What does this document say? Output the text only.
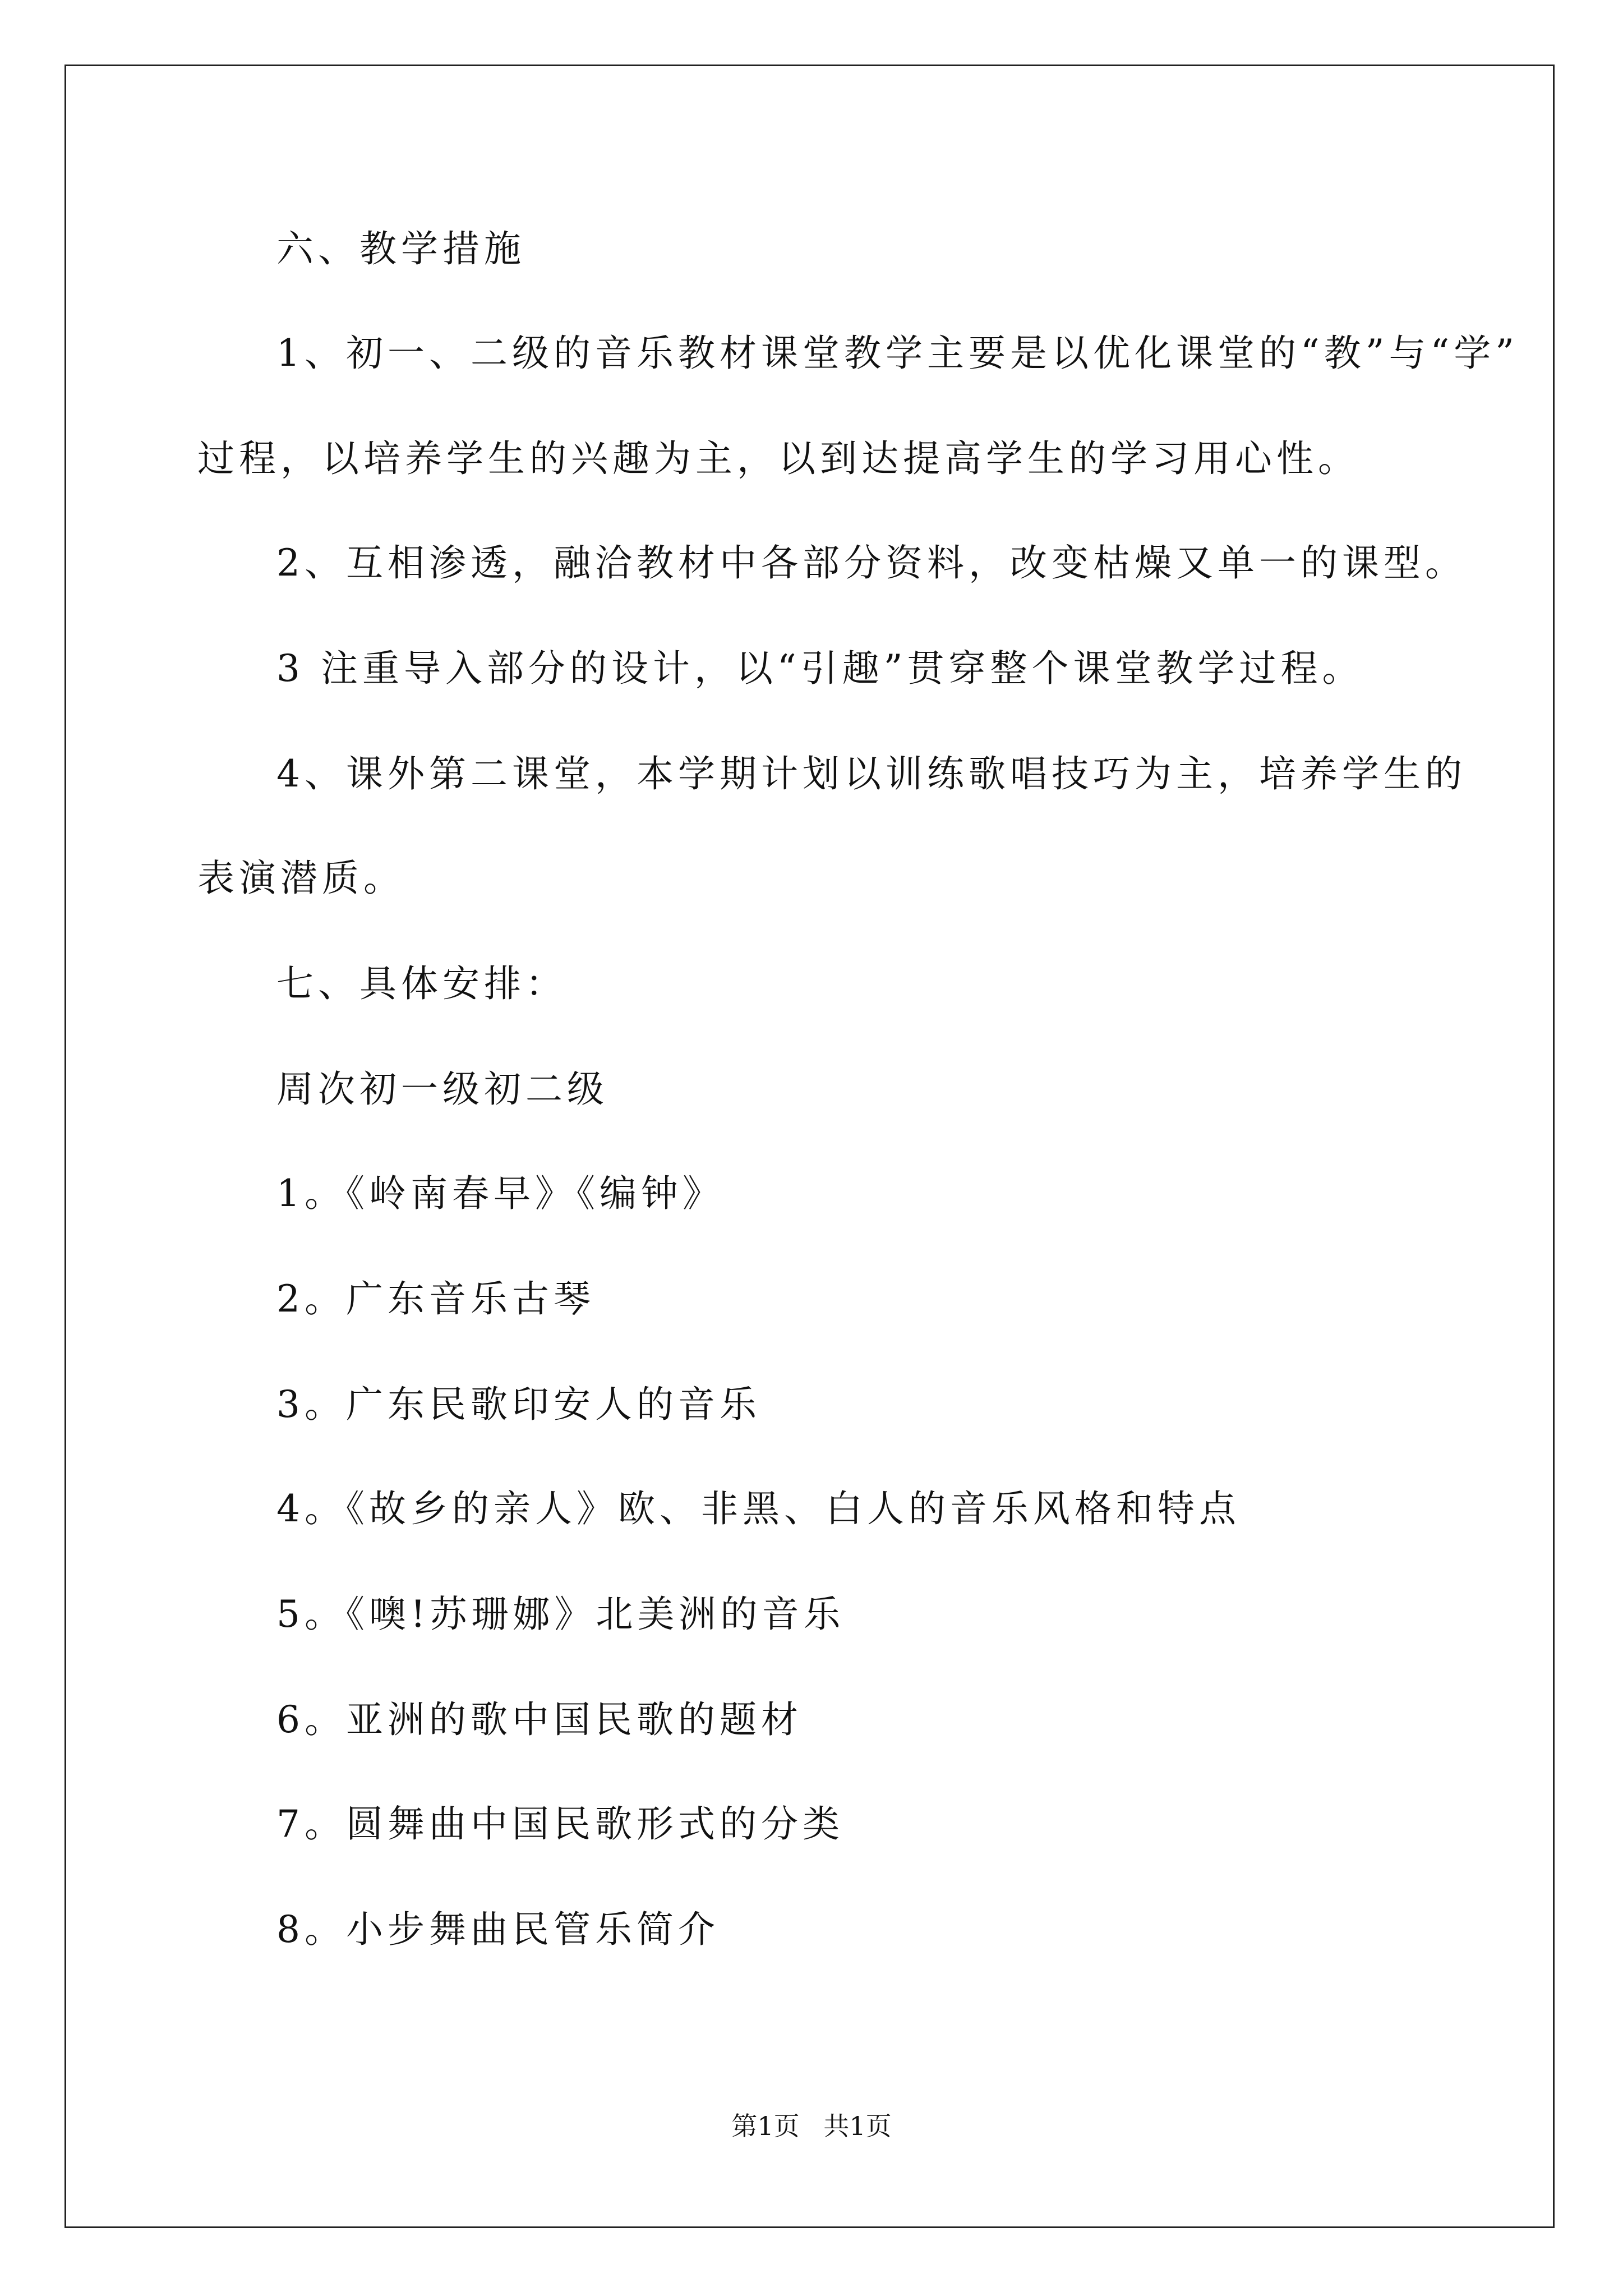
六、教学措施

1、初一、二级的音乐教材课堂教学主要是以优化课堂的“教”与“学”

过程，以培养学生的兴趣为主，以到达提高学生的学习用心性。

2、互相渗透，融洽教材中各部分资料，改变枯燥又单一的课型。

3 注重导入部分的设计，以“引趣”贯穿整个课堂教学过程。

4、课外第二课堂，本学期计划以训练歌唱技巧为主，培养学生的

表演潜质。

七、具体安排：

周次初一级初二级

1。《岭南春早》《编钟》

2。广东音乐古琴

3。广东民歌印安人的音乐

4。《故乡的亲人》欧、非黑、白人的音乐风格和特点

5。《噢!苏珊娜》北美洲的音乐

6。亚洲的歌中国民歌的题材

7。圆舞曲中国民歌形式的分类

8。小步舞曲民管乐简介

第1页 共1页
